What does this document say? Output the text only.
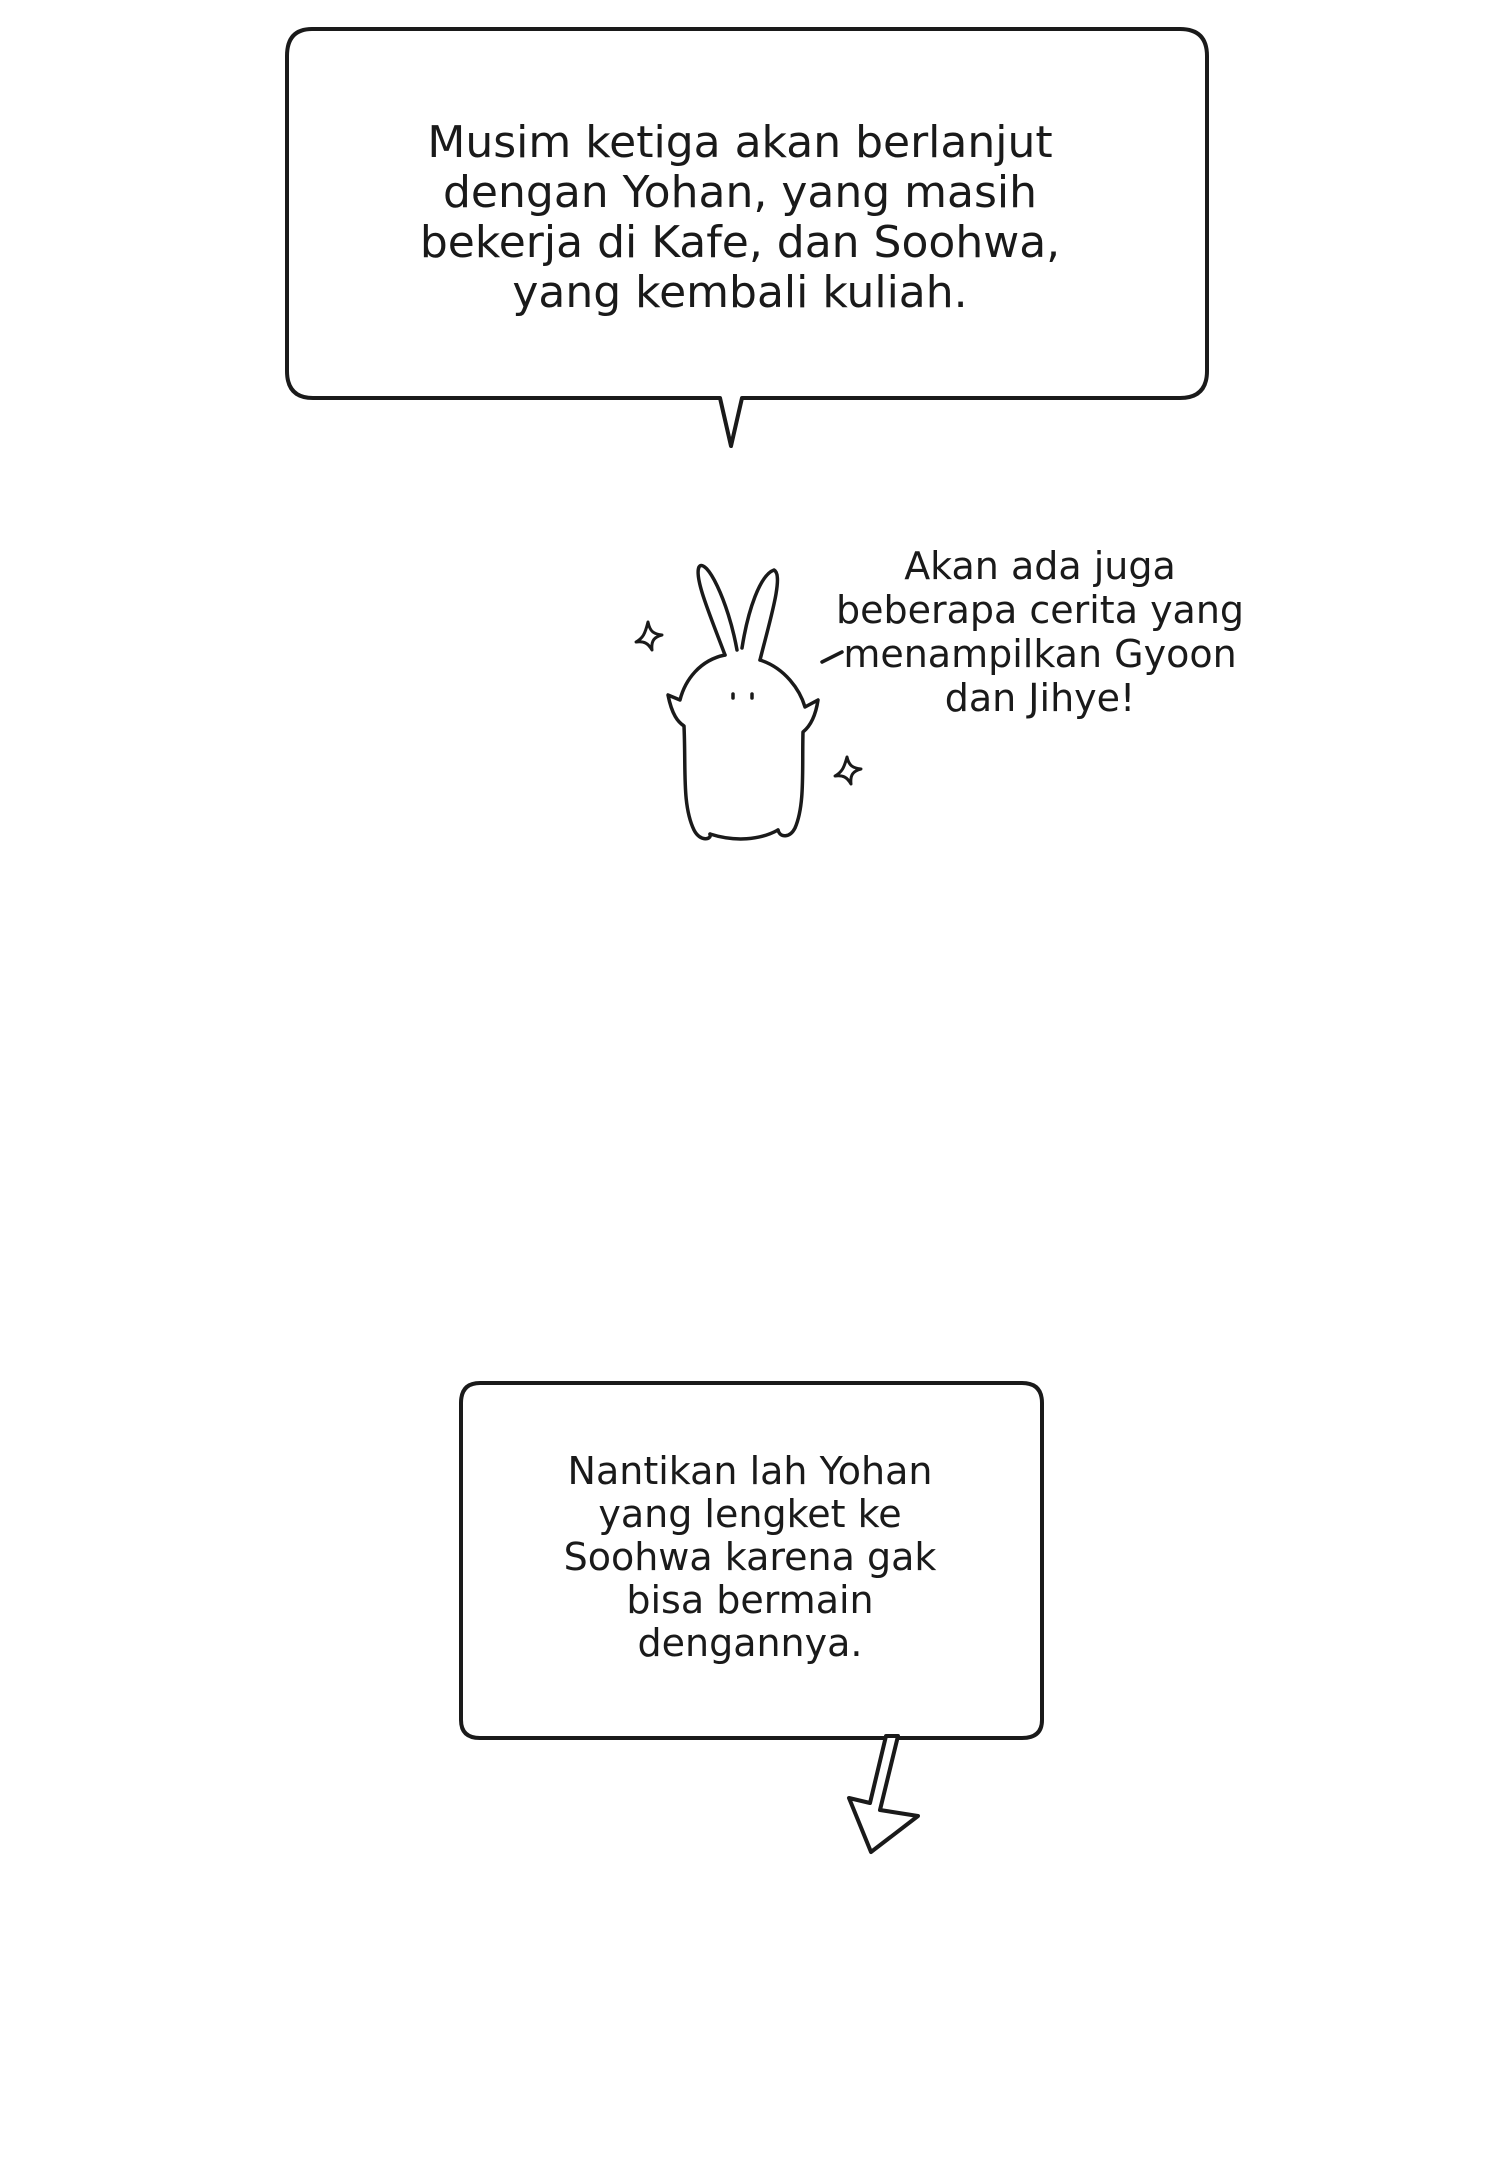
Musim ketiga akan berlanjut
dengan Yohan, yang masih
bekerja di Kafe, dan Soohwa,
yang kembali kuliah.
Akan ada juga
beberapa cerita yang
menampilkan Gyoon
dan Jihye!
Nantikan lah Yohan
yang lengket ke
Soohwa karena gak
bisa bermain
dengannya.
